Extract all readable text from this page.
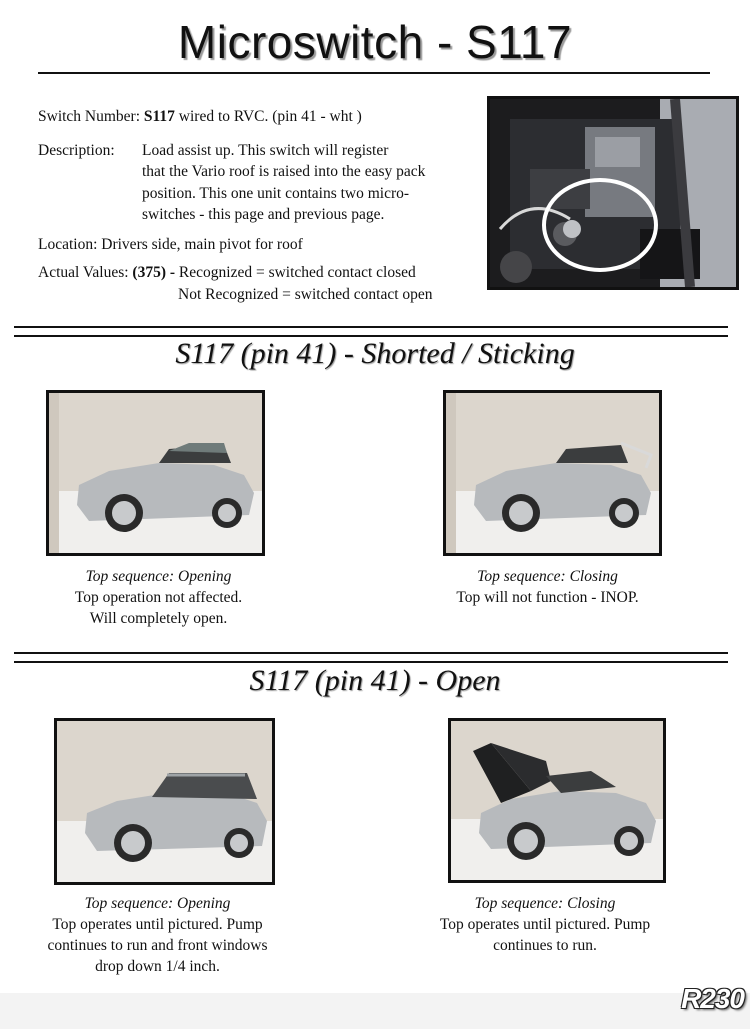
Microswitch - S117
Switch Number: S117 wired to RVC. (pin 41 - wht )
Description: Load assist up. This switch will register
that the Vario roof is raised into the easy pack
position. This one unit contains two micro-
switches - this page and previous page.
Location: Drivers side, main pivot for roof
Actual Values: (375) - Recognized = switched contact closed
Not Recognized = switched contact open
S117 (pin 41) - Shorted / Sticking
Top sequence: Opening
Top operation not affected.
Will completely open.
Top sequence: Closing
Top will not function - INOP.
S117 (pin 41) - Open
Top sequence: Opening
Top operates until pictured. Pump
continues to run and front windows
drop down 1/4 inch.
Top sequence: Closing
Top operates until pictured. Pump
continues to run.
R230
